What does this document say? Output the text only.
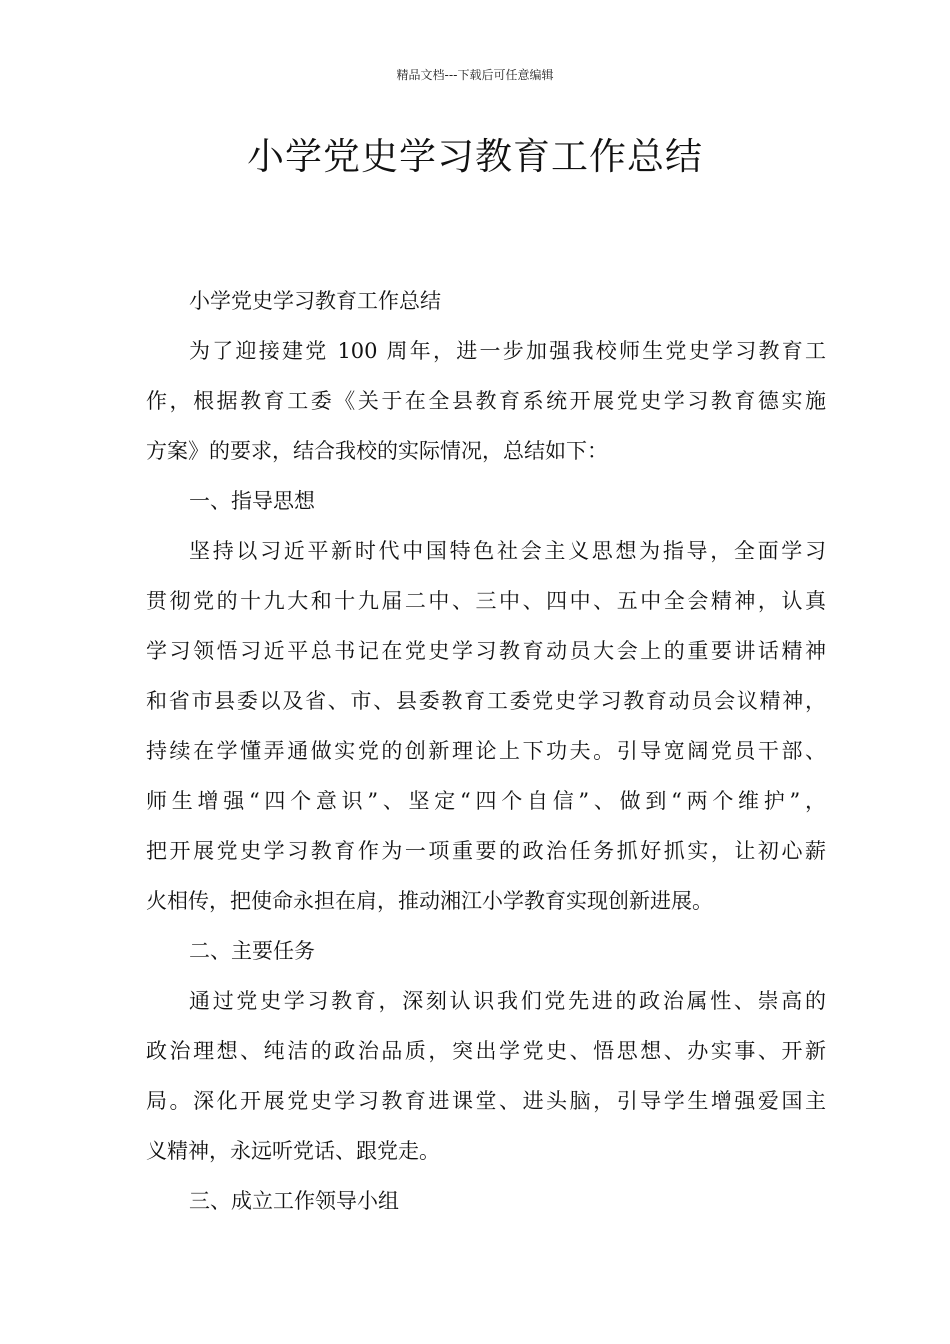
精品文档---下载后可任意编辑
小学党史学习教育工作总结
小学党史学习教育工作总结
为了迎接建党 100 周年，进一步加强我校师生党史学习教育工
作，根据教育工委《关于在全县教育系统开展党史学习教育德实施
方案》的要求，结合我校的实际情况，总结如下：
一、指导思想
坚持以习近平新时代中国特色社会主义思想为指导，全面学习
贯彻党的十九大和十九届二中、三中、四中、五中全会精神，认真
学习领悟习近平总书记在党史学习教育动员大会上的重要讲话精神
和省市县委以及省、市、县委教育工委党史学习教育动员会议精神，
持续在学懂弄通做实党的创新理论上下功夫。引导宽阔党员干部、
师生增强“四个意识”、坚定“四个自信”、做到“两个维护”，
把开展党史学习教育作为一项重要的政治任务抓好抓实，让初心薪
火相传，把使命永担在肩，推动湘江小学教育实现创新进展。
二、主要任务
通过党史学习教育，深刻认识我们党先进的政治属性、崇高的
政治理想、纯洁的政治品质，突出学党史、悟思想、办实事、开新
局。深化开展党史学习教育进课堂、进头脑，引导学生增强爱国主
义精神，永远听党话、跟党走。
三、成立工作领导小组
